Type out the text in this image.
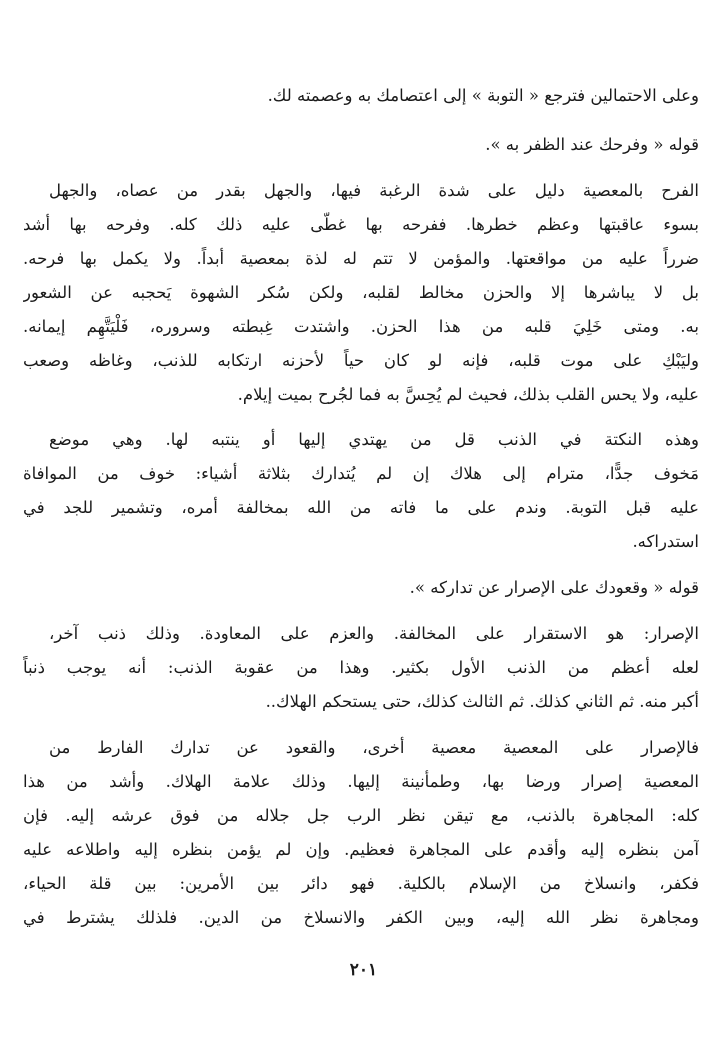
وعلى الاحتمالين فترجع « التوبة » إلى اعتصامك به وعصمته لك.
قوله « وفرحك عند الظفر به ».
الفرح بالمعصية دليل على شدة الرغبة فيها، والجهل بقدر من عصاه، والجهل
بسوء عاقبتها وعظم خطرها. ففرحه بها غطّى عليه ذلك كله. وفرحه بها أشد
ضرراً عليه من مواقعتها. والمؤمن لا تتم له لذة بمعصية أبداً. ولا يكمل بها فرحه.
بل لا يباشرها إلا والحزن مخالط لقلبه، ولكن سُكر الشهوة يَحجبه عن الشعور
به. ومتى خَلِيَ قلبه من هذا الحزن. واشتدت غِبطته وسروره، فَلْيَتَّهِم إيمانه.
وليَبْكِ على موت قلبه، فإنه لو كان حياً لأحزنه ارتكابه للذنب، وغاظه وصعب
عليه، ولا يحس القلب بذلك، فحيث لم يُحِسَّ به فما لجُرح بميت إيلام.
وهذه النكتة في الذنب قل من يهتدي إليها أو ينتبه لها. وهي موضع
مَخوف جدًّا، مترام إلى هلاك إن لم يُتدارك بثلاثة أشياء: خوف من الموافاة
عليه قبل التوبة. وندم على ما فاته من الله بمخالفة أمره، وتشمير للجد في
استدراكه.
قوله « وقعودك على الإصرار عن تداركه ».
الإصرار: هو الاستقرار على المخالفة. والعزم على المعاودة. وذلك ذنب آخر،
لعله أعظم من الذنب الأول بكثير. وهذا من عقوبة الذنب: أنه يوجب ذنباً
أكبر منه. ثم الثاني كذلك. ثم الثالث كذلك، حتى يستحكم الهلاك..
فالإصرار على المعصية معصية أخرى، والقعود عن تدارك الفارط من
المعصية إصرار ورضا بها، وطمأنينة إليها. وذلك علامة الهلاك. وأشد من هذا
كله: المجاهرة بالذنب، مع تيقن نظر الرب جل جلاله من فوق عرشه إليه. فإن
آمن بنظره إليه وأقدم على المجاهرة فعظيم. وإن لم يؤمن بنظره إليه واطلاعه عليه
فكفر، وانسلاخ من الإسلام بالكلية. فهو دائر بين الأمرين: بين قلة الحياء،
ومجاهرة نظر الله إليه، وبين الكفر والانسلاخ من الدين. فلذلك يشترط في
٢٠١
